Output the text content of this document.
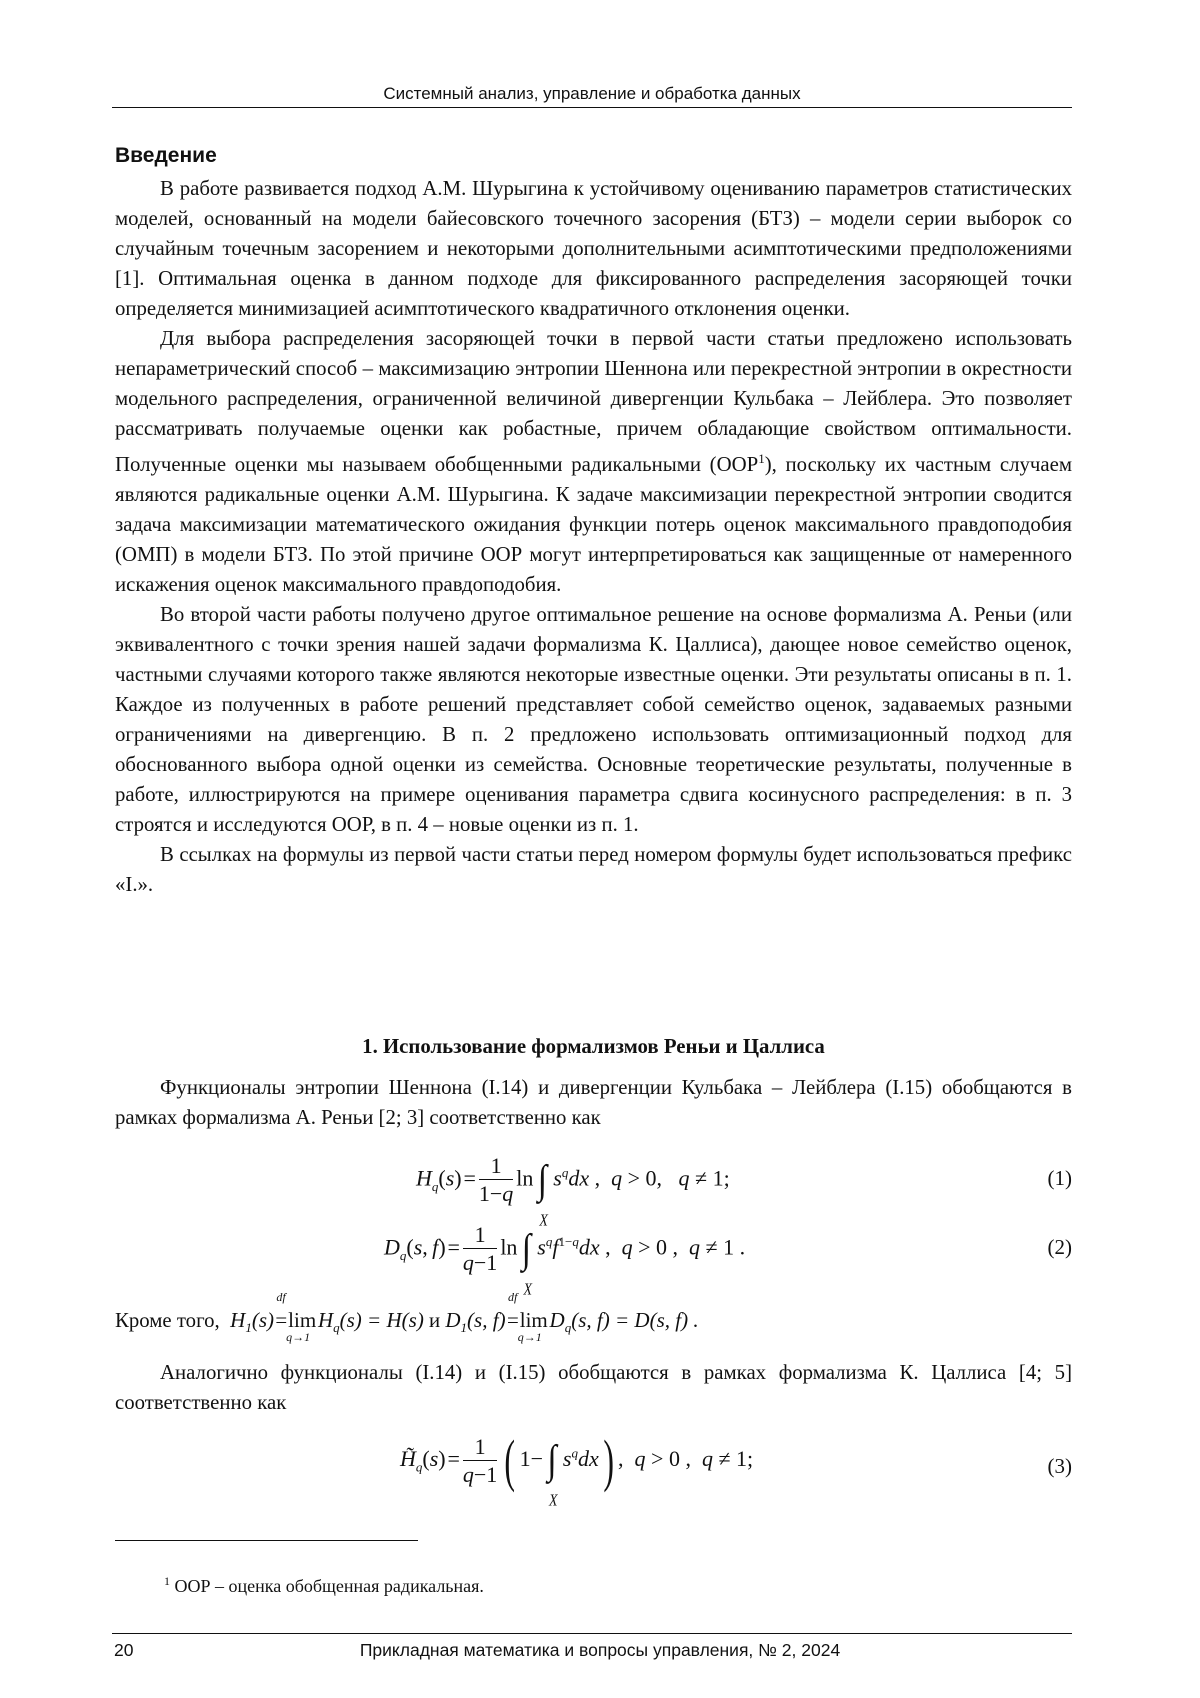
Системный анализ, управление и обработка данных
Введение

В работе развивается подход А.М. Шурыгина к устойчивому оцениванию параметров статистических моделей, основанный на модели байесовского точечного засорения (БТЗ) – модели серии выборок со случайным точечным засорением и некоторыми дополнитель­ными асимптотическими предположениями [1]. Оптимальная оценка в данном подходе для фиксированного распределения засоряющей точки определяется минимизацией асимпто­тического квадратичного отклонения оценки.

Для выбора распределения засоряющей точки в первой части статьи предложено ис­пользовать непараметрический способ – максимизацию энтропии Шеннона или перекре­стной энтропии в окрестности модельного распределения, ограниченной величиной дивер­генции Кульбака – Лейблера. Это позволяет рассматривать получаемые оценки как роба­стные, причем обладающие свойством оптимальности. Полученные оценки мы называем обобщенными радикальными (ООР1), поскольку их частным случаем являются радикаль­ные оценки А.М. Шурыгина. К задаче максимизации перекрестной энтропии сводится за­дача максимизации математического ожидания функции потерь оценок максимального правдоподобия (ОМП) в модели БТЗ. По этой причине ООР могут интерпретироваться как защищенные от намеренного искажения оценок максимального правдоподобия.

Во второй части работы получено другое оптимальное решение на основе формализма А. Реньи (или эквивалентного с точки зрения нашей задачи формализма К. Цаллиса), дающее новое семейство оценок, частными случаями которого также являются некоторые известные оценки. Эти результаты описаны в п. 1. Каждое из полученных в работе реше­ний представляет собой семейство оценок, задаваемых разными ограничениями на дивер­генцию. В п. 2 предложено использовать оптимизационный подход для обоснованного вы­бора одной оценки из семейства. Основные теоретические результаты, полученные в рабо­те, иллюстрируются на примере оценивания параметра сдвига косинусного распределения: в п. 3 строятся и исследуются ООР, в п. 4 – новые оценки из п. 1.

В ссылках на формулы из первой части статьи перед номером формулы будет исполь­зоваться префикс «I.».

1. Использование формализмов Реньи и Цаллиса

Функционалы энтропии Шеннона (I.14) и дивергенции Кульбака – Лейблера (I.15) обобщаются в рамках формализма А. Реньи [2; 3] соответственно как

Hq(s) =
1
1−q
ln ∫
X
 sqdx ,  q > 0,   q ≠ 1;	(1)
Dq(s, f) =
1
q−1
ln ∫
X
 sqf1−qdx ,  q > 0 ,  q ≠ 1 .	(2)
Кроме того,  H1(s)
df
=lim
q→1
 Hq(s) = H(s) и D1(s, f)
df
=lim
q→1
 Dq(s, f) = D(s, f) .

Аналогично функционалы (I.14) и (I.15) обобщаются в рамках формализма К. Цаллиса [4; 5] соответственно как

H̃q(s) =
1
q−1 ( 1− ∫
X
 sqdx) ,  q > 0 ,  q ≠ 1;	(3)
1 ООР – оценка обобщенная радикальная.
Прикладная математика и вопросы управления, № 2, 2024
20
